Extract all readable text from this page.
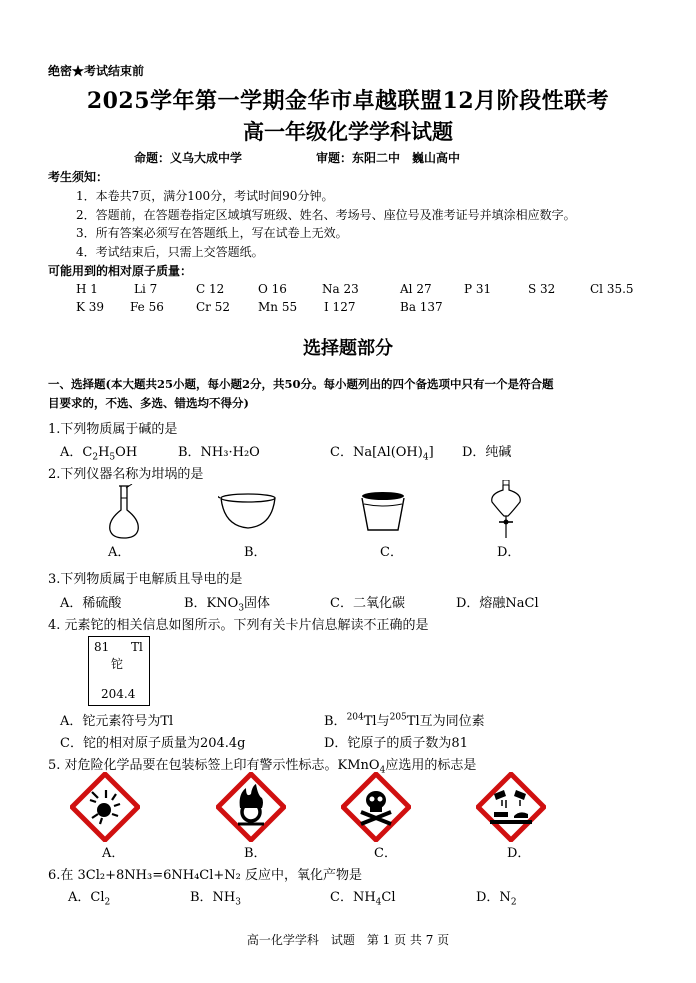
绝密★考试结束前
2025学年第一学期金华市卓越联盟12月阶段性联考
高一年级化学学科试题
命题：义乌大成中学	审题：东阳二中　巍山高中
考生须知：
1．本卷共7页，满分100分，考试时间90分钟。
2．答题前，在答题卷指定区域填写班级、姓名、考场号、座位号及准考证号并填涂相应数字。
3．所有答案必须写在答题纸上，写在试卷上无效。
4．考试结束后，只需上交答题纸。
可能用到的相对原子质量：
H 1	Li 7	C 12	O 16	Na 23	Al 27	P 31	S 32	Cl 35.5
K 39 Fe 56	Cr 52 Mn 55 I 127	Ba 137
选择题部分
一、选择题(本大题共25小题，每小题2分，共50分。每小题列出的四个备选项中只有一个是符合题
目要求的，不选、多选、错选均不得分)
1.下列物质属于碱的是
A．$C_2H_5OH$	B．NH₃·H₂O	C．$Na[Al(OH)_4]$ D．纯碱
2.下列仪器名称为坩埚的是
A．	B．	C．	D．
3.下列物质属于电解质且导电的是
A．稀硫酸	B．$KNO_3$固体	C．二氧化碳	D．熔融NaCl
4. 元素铊的相关信息如图所示。下列有关卡片信息解读不正确的是
81 Tl
铊
204.4
A．铊元素符号为Tl	B．$^{204}$Tl与$^{205}$Tl互为同位素
C．铊的相对原子质量为204.4g	D．铊原子的质子数为81
5. 对危险化学品要在包装标签上印有警示性标志。KMnO$_4$应选用的标志是
A．	B．	C．	D．
6.在 3Cl₂+8NH₃=6NH₄Cl+N₂ 反应中，氧化产物是
A．$Cl_2$	B．$NH_3$	C．$NH_4Cl$	D．$N_2$
高一化学学科　试题　第 1 页 共 7 页
